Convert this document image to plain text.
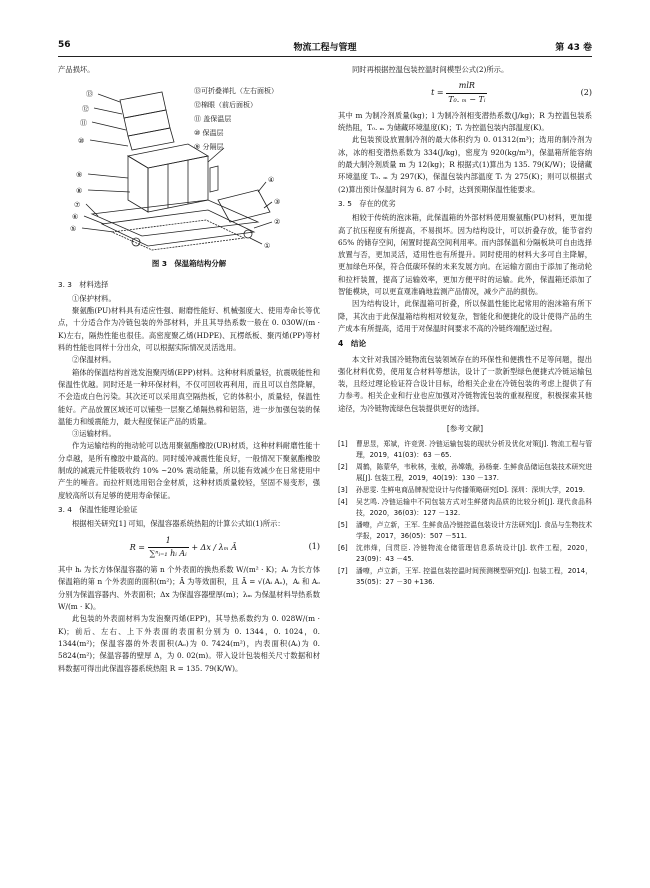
56	物流工程与管理	第 43 卷

产品损坏。

⑬
⑫
⑪
⑩
⑨
⑧
⑦
⑥
⑤
④
③
②
①
⑬可折叠禅扎（左右面板）
⑫棉眼（前后面板）
⑪ 盖保温层
⑩ 保温层
⑨ 分隔层
图 3　保温箱结构分解
3. 3　材料选择

①保护材料。

聚氨酯(PU)材料具有适应性强、耐磨性能好、机械强度大、使用寿命长等优点，十分适合作为冷链包装的外部材料，并且其导热系数一般在 0. 030W/(m · K)左右，隔热性能也很佳。高密度聚乙烯(HDPE)、瓦楞纸板、聚丙烯(PP)等材料的性能也同样十分出众，可以根据实际情况灵活选用。

②保温材料。

箱体的保温结构首选发泡聚丙烯(EPP)材料。这种材料质量轻，抗震吸能性和保温性优越。同时还是一种环保材料，不仅可回收再利用，而且可以自然降解，不会造成白色污染。其次还可以采用真空隔热板，它的体积小，质量轻，保温性能好。产品放置区域还可以铺垫一层聚乙烯隔热棉和铝箔，进一步加强包装的保温能力和缓震能力，最大程度保证产品的质量。

③运输材料。

作为运输结构的拖动轮可以选用聚氨酯橡胶(UR)材质，这种材料耐磨性能十分卓越，是所有橡胶中最高的。同时缓冲减震性能良好，一般情况下聚氨酯橡胶制成的减震元件能吸收约 10% ~20% 震动能量，所以能有效减少在日常使用中产生的噪音。而拉杆则选用铝合金材质，这种材质质量较轻，坚固不易变形，强度较高所以有足够的使用寿命保证。

3. 4　保温性能理论验证

根据相关研究[1] 可知，保温容器系统热阻的计算公式如(1)所示：

$R = \frac{1}{\text{∑ⁿᵢ₌₁ hᵢ Aᵢ}} + \Delta x / \lambda_m$ Ā	(1)

其中 hᵢ 为长方体保温容器的第 n 个外表面的换热系数 W/(m² · K)；Aᵢ 为长方体保温箱的第 n 个外表面的面积(m²)；Ā 为等效面积，且 Ā = √(Aᵢ Aₒ)，Aᵢ 和 Aₒ 分别为保温容器内、外表面积；Δx 为保温容器壁厚(m)；λₘ 为保温材料导热系数 W/(m · K)。

此包装的外表面材料为发泡聚丙烯(EPP)，其导热系数约为 0. 028W/(m · K)；前后、左右、上下外表面的表面积分别为 0. 1344，0. 1024，0. 1344(m²)；保温容器的外表面积(Aₒ)为 0. 7424(m²)，内表面积(Aᵢ)为 0. 5824(m²)；保温容器的壁厚 Δ，为 0. 02(m)。带入设计包装相关尺寸数据和材料数据可得出此保温容器系统热阻 R = 135. 79(K/W)。

同时再根据控温包装控温时间模型公式(2)所示。

t =
mlR
T₀. ₘ − Tᵢ
(2)

其中 m 为制冷剂质量(kg)；l 为制冷剂相变潜热系数(J/kg)；R 为控温包装系统热阻，T₀. ₘ 为储藏环境温度(K)；Tᵢ 为控温包装内部温度(K)。

此包装预设放置制冷剂的最大体积约为 0. 01312(m³)；选用的制冷剂为冰，冰的相变潜热系数为 334(J/kg)，密度为 920(kg/m³)，保温箱所能容纳的最大制冷剂质量 m 为 12(kg)；R 根据式(1)算出为 135. 79(K/W)；设储藏环境温度 T₀. ₘ 为 297(K)，保温包装内部温度 Tᵢ 为 275(K)；则可以根据式(2)算出预计保温时间为 6. 87 小时，达到预期保温性能要求。

3. 5　存在的优劣

相较于传统的泡沫箱，此保温箱的外部材料使用聚氨酯(PU)材料，更加提高了抗压程度有所提高，不易损坏。因为结构设计，可以折叠存放，能节省约 65% 的储存空间，闲置时提高空间利用率。而内部保温和分隔板块可自由选择放置与否，更加灵活，适用性也有所提升。同时使用的材料大多可自主降解，更加绿色环保，符合低碳环保的未来发展方向。在运输方面由于添加了拖动轮和拉杆装置，提高了运输效率，更加方便平时的运输。此外，保温箱还添加了智能模块，可以更直观准确地监测产品情况，减少产品的损伤。

因为结构设计，此保温箱可折叠，所以保温性能比起常用的泡沫箱有所下降，其次由于此保温箱结构相对较复杂，智能化和便捷化的设计使得产品的生产成本有所提高，适用于对保温时间要求不高的冷链终端配送过程。

4　结论

本文针对我国冷链物流包装领域存在的环保性和便携性不足等问题，提出强化材料优势，使用复合材料等想法，设计了一款新型绿色便捷式冷链运输包装，且经过理论验证符合设计目标，给相关企业在冷链包装的考虑上提供了有力参考。相关企业和行业也应加强对冷链物流包装的重视程度，积极探索其他途径，为冷链物流绿色包装提供更好的选择。

[参考文献]
[1]	曹思昱，郑斌，许竞贤. 冷链运输包装的现状分析及优化对策[J]. 物流工程与管理，2019，41(03)：63 －65.
[2]	周鹤，陈蒙华，韦秋林，张敏，孙嫦娥，孙杨豪. 生鲜食品储运包装技术研究进展[J]. 包装工程，2019，40(19)：130 －137.
[3]	孙思雯. 生鲜电商品牌视觉设计与传播策略研究[D]. 深圳：深圳大学，2019.
[4]	吴艺鸣. 冷链运输中不同包装方式对生鲜猪肉品质的比较分析[J]. 现代食品科技，2020，36(03)：127 －132.
[5]	潘嘹，卢立新，王军. 生鲜食品冷链控温包装设计方法研究[J]. 食品与生物技术学报，2017，36(05)：507 －511.
[6]	沈炜烽，闫贯臣. 冷链物流仓储管理信息系统设计[J]. 软件工程，2020，23(09)：43 －45.
[7]	潘嘹，卢立新，王军. 控温包装控温时间预测模型研究[J]. 包装工程，2014，35(05)：27 －30 +136.
